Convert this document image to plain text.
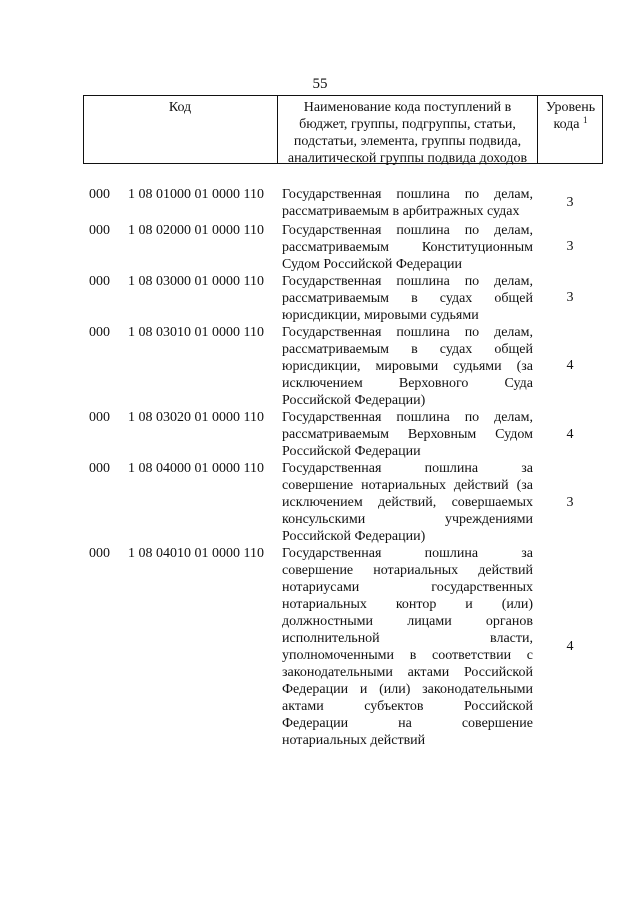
55
Код	Наименование кода поступлений в
бюджет, группы, подгруппы, статьи,
подстатьи, элемента, группы подвида,
аналитической группы подвида доходов
Уровень
кода $^1$
000	1 08 01000 01 0000 110	Государственная пошлина по делам,
рассматриваемым в арбитражных судах
3
000	1 08 02000 01 0000 110	Государственная пошлина по делам,
рассматриваемым Конституционным
Судом Российской Федерации
3
000	1 08 03000 01 0000 110	Государственная пошлина по делам,
рассматриваемым в судах общей
юрисдикции, мировыми судьями
3
000	1 08 03010 01 0000 110	Государственная пошлина по делам,
рассматриваемым в судах общей
юрисдикции, мировыми судьями (за
исключением Верховного Суда
Российской Федерации)
4
000	1 08 03020 01 0000 110	Государственная пошлина по делам,
рассматриваемым Верховным Судом
Российской Федерации
4
000	1 08 04000 01 0000 110	Государственная пошлина за
совершение нотариальных действий (за
исключением действий, совершаемых
консульскими учреждениями
Российской Федерации)
3
000	1 08 04010 01 0000 110	Государственная пошлина за
совершение нотариальных действий
нотариусами государственных
нотариальных контор и (или)
должностными лицами органов
исполнительной власти,
уполномоченными в соответствии с
законодательными актами Российской
Федерации и (или) законодательными
актами субъектов Российской
Федерации на совершение
нотариальных действий
4
